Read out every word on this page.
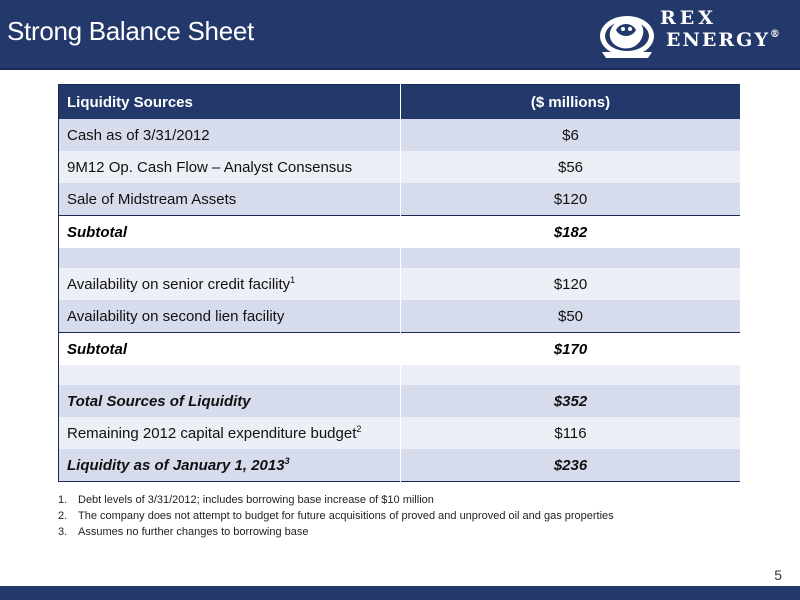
Strong Balance Sheet	REX
ENERGY®
Liquidity Sources	($ millions)
Cash as of 3/31/2012	$6
9M12 Op. Cash Flow – Analyst Consensus	$56
Sale of Midstream Assets	$120
Subtotal	$182

Availability on senior credit facility$^1$	$120
Availability on second lien facility	$50
Subtotal	$170

Total Sources of Liquidity	$352
Remaining 2012 capital expenditure budget$^2$	$116
Liquidity as of January 1, 2013$^3$	$236
1. Debt levels of 3/31/2012; includes borrowing base increase of $10 million
2. The company does not attempt to budget for future acquisitions of proved and unproved oil and gas properties
3. Assumes no further changes to borrowing base
5
